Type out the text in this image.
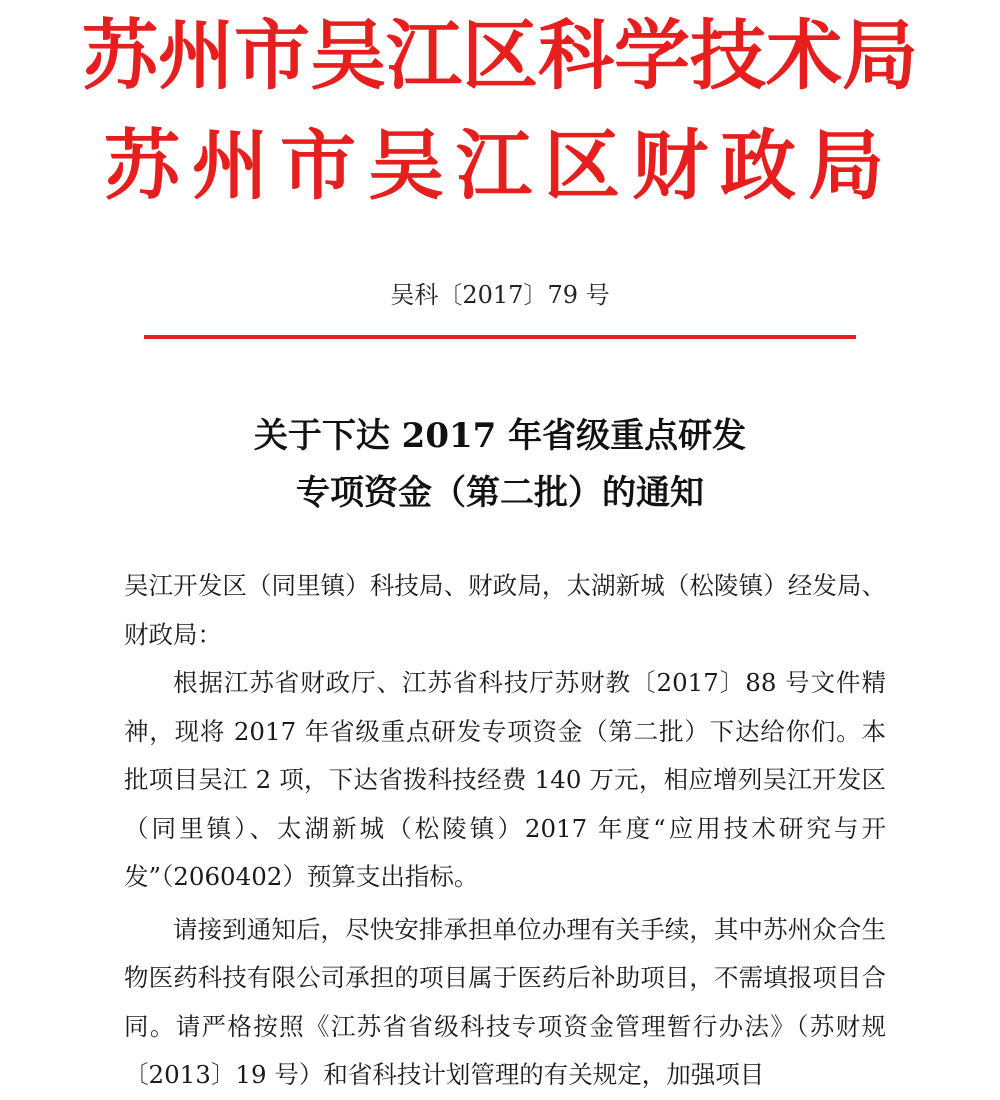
苏州市吴江区科学技术局
苏州市吴江区财政局
吴科〔2017〕79 号
关于下达 2017 年省级重点研发
专项资金（第二批）的通知

吴江开发区（同里镇）科技局、财政局，太湖新城（松陵镇）经发局、财政局：

根据江苏省财政厅、江苏省科技厅苏财教〔2017〕88 号文件精神，现将 2017 年省级重点研发专项资金（第二批）下达给你们。本批项目吴江 2 项，下达省拨科技经费 140 万元，相应增列吴江开发区（同里镇）、太湖新城（松陵镇）2017 年度“应用技术研究与开发”（2060402）预算支出指标。

请接到通知后，尽快安排承担单位办理有关手续，其中苏州众合生物医药科技有限公司承担的项目属于医药后补助项目，不需填报项目合同。请严格按照《江苏省省级科技专项资金管理暂行办法》（苏财规〔2013〕19 号）和省科技计划管理的有关规定，加强项目
